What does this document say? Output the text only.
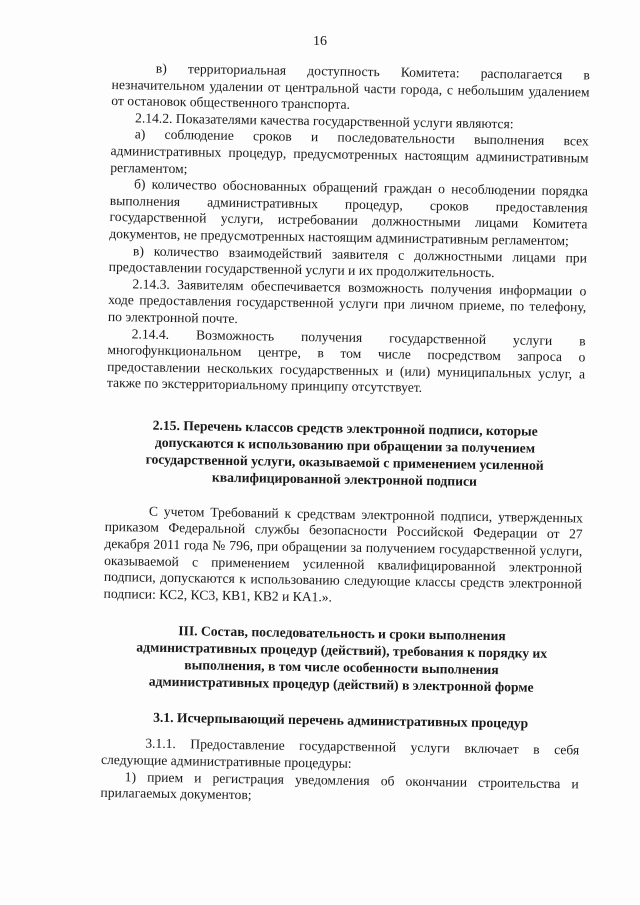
16

в) территориальная доступность Комитета: располагается в незначительном удалении от центральной части города, с небольшим удалением от остановок общественного транспорта.

2.14.2. Показателями качества государственной услуги являются:

а) соблюдение сроков и последовательности выполнения всех административных процедур, предусмотренных настоящим административным регламентом;

б) количество обоснованных обращений граждан о несоблюдении порядка выполнения административных процедур, сроков предоставления государственной услуги, истребовании должностными лицами Комитета документов, не предусмотренных настоящим административным регламентом;

в) количество взаимодействий заявителя с должностными лицами при предоставлении государственной услуги и их продолжительность.

2.14.3. Заявителям обеспечивается возможность получения информации о ходе предоставления государственной услуги при личном приеме, по телефону, по электронной почте.

2.14.4. Возможность получения государственной услуги в многофункциональном центре, в том числе посредством запроса о предоставлении нескольких государственных и (или) муниципальных услуг, а также по экстерриториальному принципу отсутствует.

2.15. Перечень классов средств электронной подписи, которые допускаются к использованию при обращении за получением государственной услуги, оказываемой с применением усиленной квалифицированной электронной подписи

С учетом Требований к средствам электронной подписи, утвержденных приказом Федеральной службы безопасности Российской Федерации от 27 декабря 2011 года № 796, при обращении за получением государственной услуги, оказываемой с применением усиленной квалифицированной электронной подписи, допускаются к использованию следующие классы средств электронной подписи: КС2, КС3, КВ1, КВ2 и КА1.».

III. Состав, последовательность и сроки выполнения административных процедур (действий), требования к порядку их выполнения, в том числе особенности выполнения административных процедур (действий) в электронной форме

3.1. Исчерпывающий перечень административных процедур

3.1.1. Предоставление государственной услуги включает в себя следующие административные процедуры:

1) прием и регистрация уведомления об окончании строительства и прилагаемых документов;
